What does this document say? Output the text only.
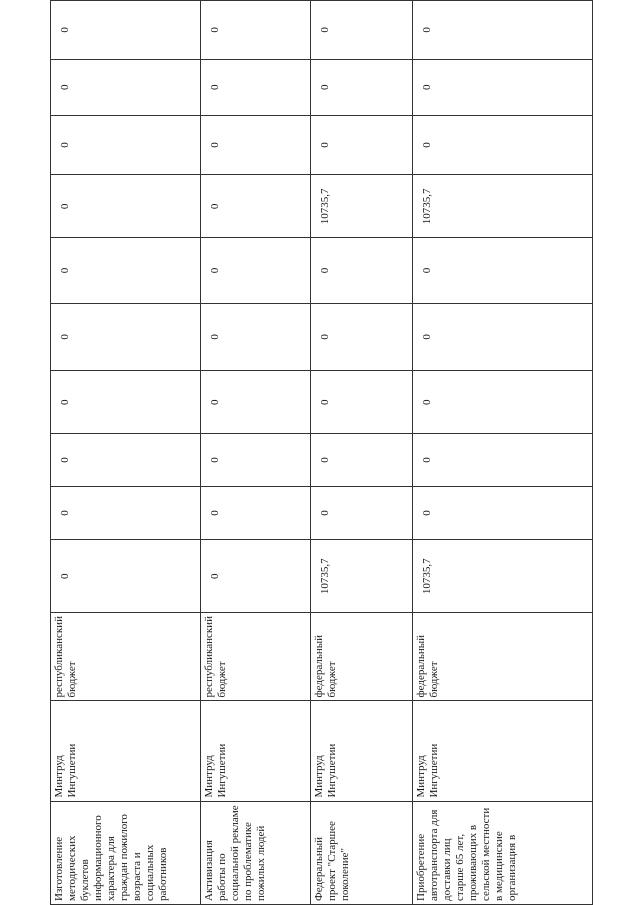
Изготовление методических буклетов информационного характера для граждан пожилого возраста и социальных работников	Минтруд Ингушетии	республиканский бюджет	0	0	0	0	0	0	0	0	0	0
Активизация работы по социальной рекламе по проблематике пожилых людей	Минтруд Ингушетии	республиканский бюджет	0	0	0	0	0	0	0	0	0	0
Федеральный проект "Старшее поколение"	Минтруд Ингушетии	федеральный бюджет	10735,7	0	0	0	0	0	10735,7	0	0	0
Приобретение автотранспорта для доставки лиц старше 65 лет, проживающих в сельской местности в медицинские организация в	Минтруд Ингушетии	федеральный бюджет	10735,7	0	0	0	0	0	10735,7	0	0	0
